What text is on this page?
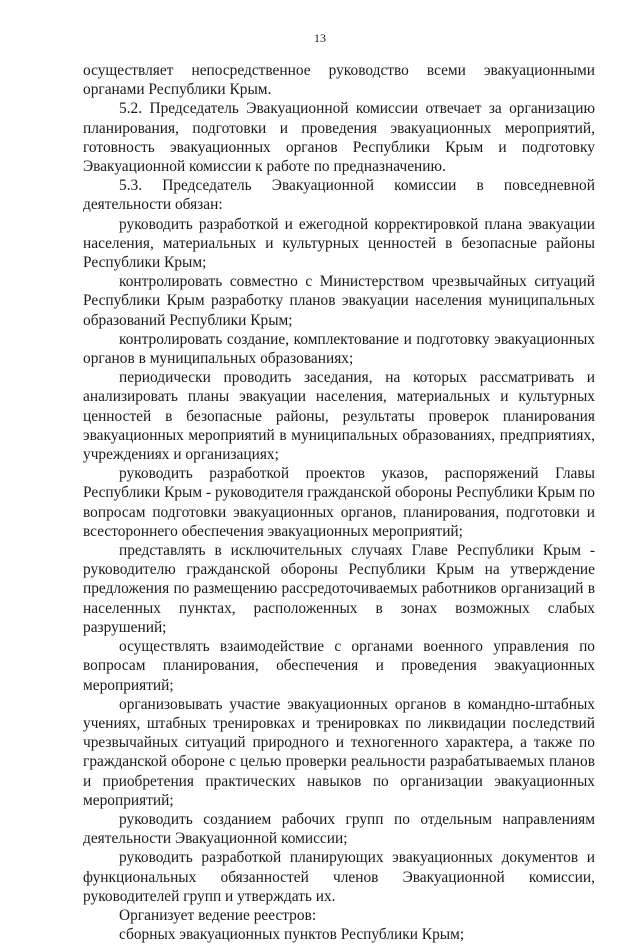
13

осуществляет непосредственное руководство всеми эвакуационными органами Республики Крым.

5.2. Председатель Эвакуационной комиссии отвечает за организацию планирования, подготовки и проведения эвакуационных мероприятий, готовность эвакуационных органов Республики Крым и подготовку Эвакуационной комиссии к работе по предназначению.

5.3. Председатель Эвакуационной комиссии в повседневной деятельности обязан:

руководить разработкой и ежегодной корректировкой плана эвакуации населения, материальных и культурных ценностей в безопасные районы Республики Крым;

контролировать совместно с Министерством чрезвычайных ситуаций Республики Крым разработку планов эвакуации населения муниципальных образований Республики Крым;

контролировать создание, комплектование и подготовку эвакуационных органов в муниципальных образованиях;

периодически проводить заседания, на которых рассматривать и анализировать планы эвакуации населения, материальных и культурных ценностей в безопасные районы, результаты проверок планирования эвакуационных мероприятий в муниципальных образованиях, предприятиях, учреждениях и организациях;

руководить разработкой проектов указов, распоряжений Главы Республики Крым - руководителя гражданской обороны Республики Крым по вопросам подготовки эвакуационных органов, планирования, подготовки и всестороннего обеспечения эвакуационных мероприятий;

представлять в исключительных случаях Главе Республики Крым - руководителю гражданской обороны Республики Крым на утверждение предложения по размещению рассредоточиваемых работников организаций в населенных пунктах, расположенных в зонах возможных слабых разрушений;

осуществлять взаимодействие с органами военного управления по вопросам планирования, обеспечения и проведения эвакуационных мероприятий;

организовывать участие эвакуационных органов в командно-штабных учениях, штабных тренировках и тренировках по ликвидации последствий чрезвычайных ситуаций природного и техногенного характера, а также по гражданской обороне с целью проверки реальности разрабатываемых планов и приобретения практических навыков по организации эвакуационных мероприятий;

руководить созданием рабочих групп по отдельным направлениям деятельности Эвакуационной комиссии;

руководить разработкой планирующих эвакуационных документов и функциональных обязанностей членов Эвакуационной комиссии, руководителей групп и утверждать их.

Организует ведение реестров:

сборных эвакуационных пунктов Республики Крым;
